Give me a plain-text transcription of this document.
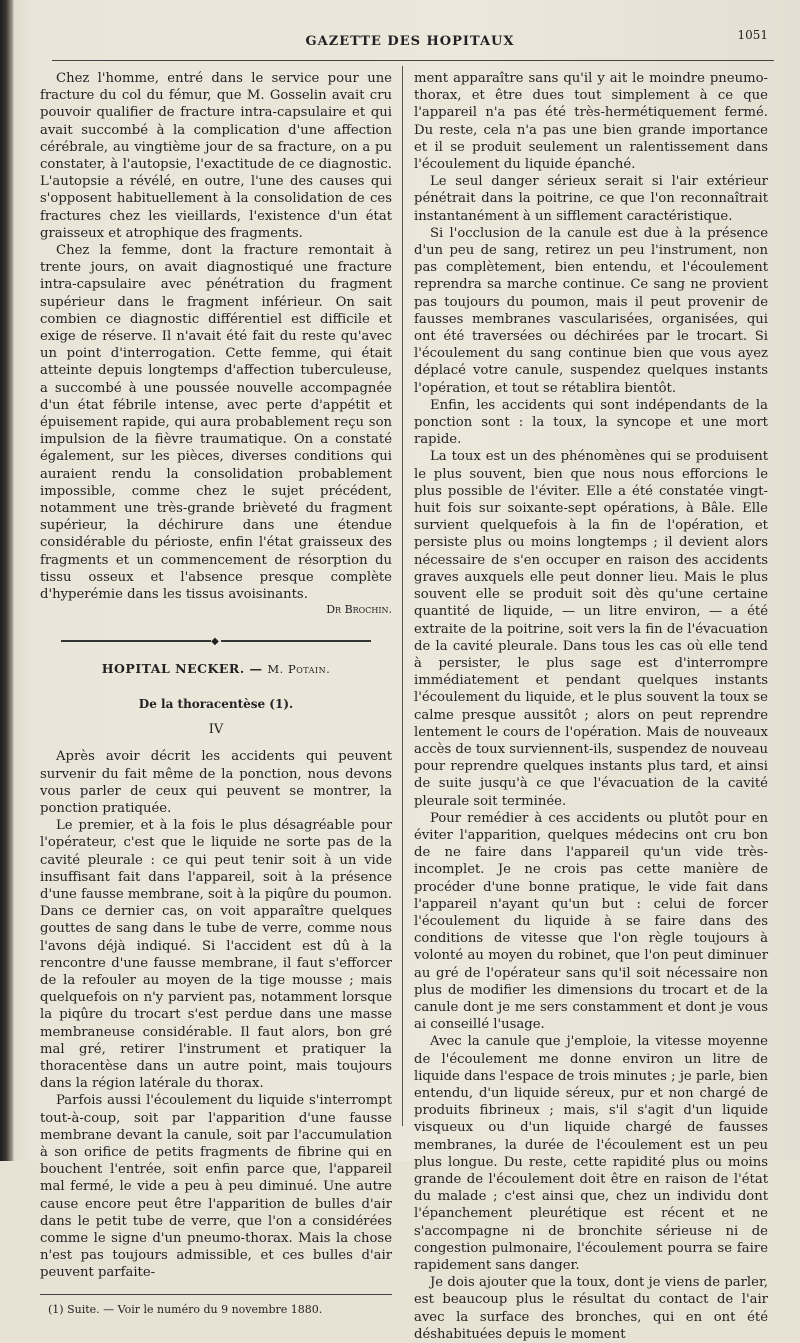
GAZETTE DES HOPITAUX	1051

Chez l'homme, entré dans le service pour une fracture du col du fémur, que M. Gosselin avait cru pouvoir qualifier de fracture intra-capsulaire et qui avait succombé à la complication d'une affection cérébrale, au vingtième jour de sa fracture, on a pu constater, à l'autopsie, l'exactitude de ce diagnostic. L'autopsie a révélé, en outre, l'une des causes qui s'opposent habituellement à la consolidation de ces fractures chez les vieillards, l'existence d'un état graisseux et atrophique des fragments.

Chez la femme, dont la fracture remontait à trente jours, on avait diagnostiqué une fracture intra-capsulaire avec pénétration du fragment supérieur dans le fragment inférieur. On sait combien ce diagnostic différentiel est difficile et exige de réserve. Il n'avait été fait du reste qu'avec un point d'interrogation. Cette femme, qui était atteinte depuis longtemps d'affection tuberculeuse, a succombé à une poussée nouvelle accompagnée d'un état fébrile intense, avec perte d'appétit et épuisement rapide, qui aura probablement reçu son impulsion de la fièvre traumatique. On a constaté également, sur les pièces, diverses conditions qui auraient rendu la consolidation probablement impossible, comme chez le sujet précédent, notamment une très-grande brièveté du fragment supérieur, la déchirure dans une étendue considérable du périoste, enfin l'état graisseux des fragments et un commencement de résorption du tissu osseux et l'absence presque complète d'hyperémie dans les tissus avoisinants.

Dr Brochin.
◆
HOPITAL NECKER. — M. Potain.
De la thoracentèse (1).
IV

Après avoir décrit les accidents qui peuvent survenir du fait même de la ponction, nous devons vous parler de ceux qui peuvent se montrer, la ponction pratiquée.

Le premier, et à la fois le plus désagréable pour l'opérateur, c'est que le liquide ne sorte pas de la cavité pleurale : ce qui peut tenir soit à un vide insuffisant fait dans l'appareil, soit à la présence d'une fausse membrane, soit à la piqûre du poumon. Dans ce dernier cas, on voit apparaître quelques gouttes de sang dans le tube de verre, comme nous l'avons déjà indiqué. Si l'accident est dû à la rencontre d'une fausse membrane, il faut s'efforcer de la refouler au moyen de la tige mousse ; mais quelquefois on n'y parvient pas, notamment lorsque la piqûre du trocart s'est perdue dans une masse membraneuse considérable. Il faut alors, bon gré mal gré, retirer l'instrument et pratiquer la thoracentèse dans un autre point, mais toujours dans la région latérale du thorax.

Parfois aussi l'écoulement du liquide s'interrompt tout-à-coup, soit par l'apparition d'une fausse membrane devant la canule, soit par l'accumulation à son orifice de petits fragments de fibrine qui en bouchent l'entrée, soit enfin parce que, l'appareil mal fermé, le vide a peu à peu diminué. Une autre cause encore peut être l'apparition de bulles d'air dans le petit tube de verre, que l'on a considérées comme le signe d'un pneumo-thorax. Mais la chose n'est pas toujours admissible, et ces bulles d'air peuvent parfaite-

(1) Suite. — Voir le numéro du 9 novembre 1880.

ment apparaître sans qu'il y ait le moindre pneumo-thorax, et être dues tout simplement à ce que l'appareil n'a pas été très-hermétiquement fermé. Du reste, cela n'a pas une bien grande importance et il se produit seulement un ralentissement dans l'écoulement du liquide épanché.

Le seul danger sérieux serait si l'air extérieur pénétrait dans la poitrine, ce que l'on reconnaîtrait instantanément à un sifflement caractéristique.

Si l'occlusion de la canule est due à la présence d'un peu de sang, retirez un peu l'instrument, non pas complètement, bien entendu, et l'écoulement reprendra sa marche continue. Ce sang ne provient pas toujours du poumon, mais il peut provenir de fausses membranes vascularisées, organisées, qui ont été traversées ou déchirées par le trocart. Si l'écoulement du sang continue bien que vous ayez déplacé votre canule, suspendez quelques instants l'opération, et tout se rétablira bientôt.

Enfin, les accidents qui sont indépendants de la ponction sont : la toux, la syncope et une mort rapide.

La toux est un des phénomènes qui se produisent le plus souvent, bien que nous nous efforcions le plus possible de l'éviter. Elle a été constatée vingt-huit fois sur soixante-sept opérations, à Bâle. Elle survient quelquefois à la fin de l'opération, et persiste plus ou moins longtemps ; il devient alors nécessaire de s'en occuper en raison des accidents graves auxquels elle peut donner lieu. Mais le plus souvent elle se produit soit dès qu'une certaine quantité de liquide, — un litre environ, — a été extraite de la poitrine, soit vers la fin de l'évacuation de la cavité pleurale. Dans tous les cas où elle tend à persister, le plus sage est d'interrompre immédiatement et pendant quelques instants l'écoulement du liquide, et le plus souvent la toux se calme presque aussitôt ; alors on peut reprendre lentement le cours de l'opération. Mais de nouveaux accès de toux surviennent-ils, suspendez de nouveau pour reprendre quelques instants plus tard, et ainsi de suite jusqu'à ce que l'évacuation de la cavité pleurale soit terminée.

Pour remédier à ces accidents ou plutôt pour en éviter l'apparition, quelques médecins ont cru bon de ne faire dans l'appareil qu'un vide très-incomplet. Je ne crois pas cette manière de procéder d'une bonne pratique, le vide fait dans l'appareil n'ayant qu'un but : celui de forcer l'écoulement du liquide à se faire dans des conditions de vitesse que l'on règle toujours à volonté au moyen du robinet, que l'on peut diminuer au gré de l'opérateur sans qu'il soit nécessaire non plus de modifier les dimensions du trocart et de la canule dont je me sers constamment et dont je vous ai conseillé l'usage.

Avec la canule que j'emploie, la vitesse moyenne de l'écoulement me donne environ un litre de liquide dans l'espace de trois minutes ; je parle, bien entendu, d'un liquide séreux, pur et non chargé de produits fibrineux ; mais, s'il s'agit d'un liquide visqueux ou d'un liquide chargé de fausses membranes, la durée de l'écoulement est un peu plus longue. Du reste, cette rapidité plus ou moins grande de l'écoulement doit être en raison de l'état du malade ; c'est ainsi que, chez un individu dont l'épanchement pleurétique est récent et ne s'accompagne ni de bronchite sérieuse ni de congestion pulmonaire, l'écoulement pourra se faire rapidement sans danger.

Je dois ajouter que la toux, dont je viens de parler, est beaucoup plus le résultat du contact de l'air avec la surface des bronches, qui en ont été déshabituées depuis le moment
